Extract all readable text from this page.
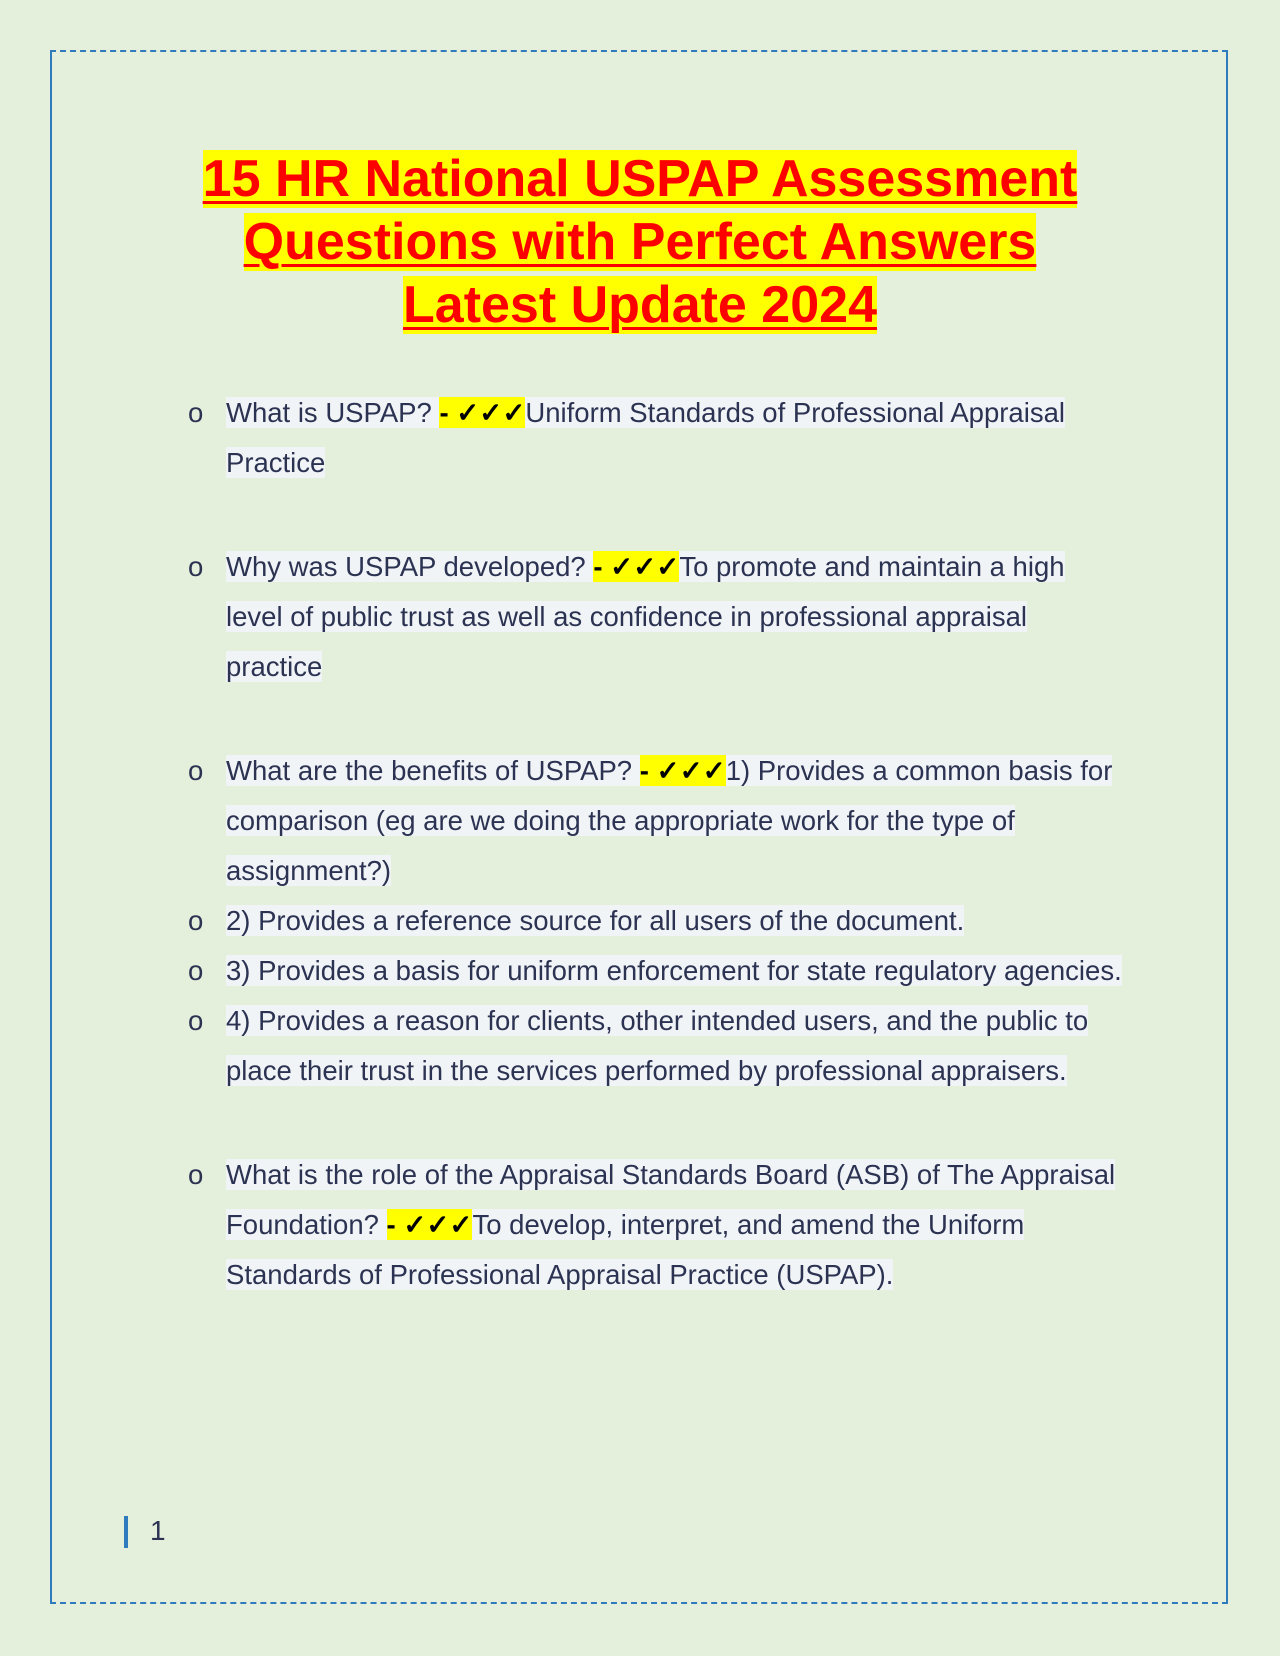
15 HR National USPAP Assessment
Questions with Perfect Answers
Latest Update 2024
o What is USPAP? - ✓✓✓Uniform Standards of Professional Appraisal Practice
o Why was USPAP developed? - ✓✓✓To promote and maintain a high level of public trust as well as confidence in professional appraisal practice
o What are the benefits of USPAP? - ✓✓✓1) Provides a common basis for comparison (eg are we doing the appropriate work for the type of assignment?)
o 2) Provides a reference source for all users of the document.
o 3) Provides a basis for uniform enforcement for state regulatory agencies.
o 4) Provides a reason for clients, other intended users, and the public to place their trust in the services performed by professional appraisers.
o What is the role of the Appraisal Standards Board (ASB) of The Appraisal Foundation? - ✓✓✓To develop, interpret, and amend the Uniform Standards of Professional Appraisal Practice (USPAP).
1
